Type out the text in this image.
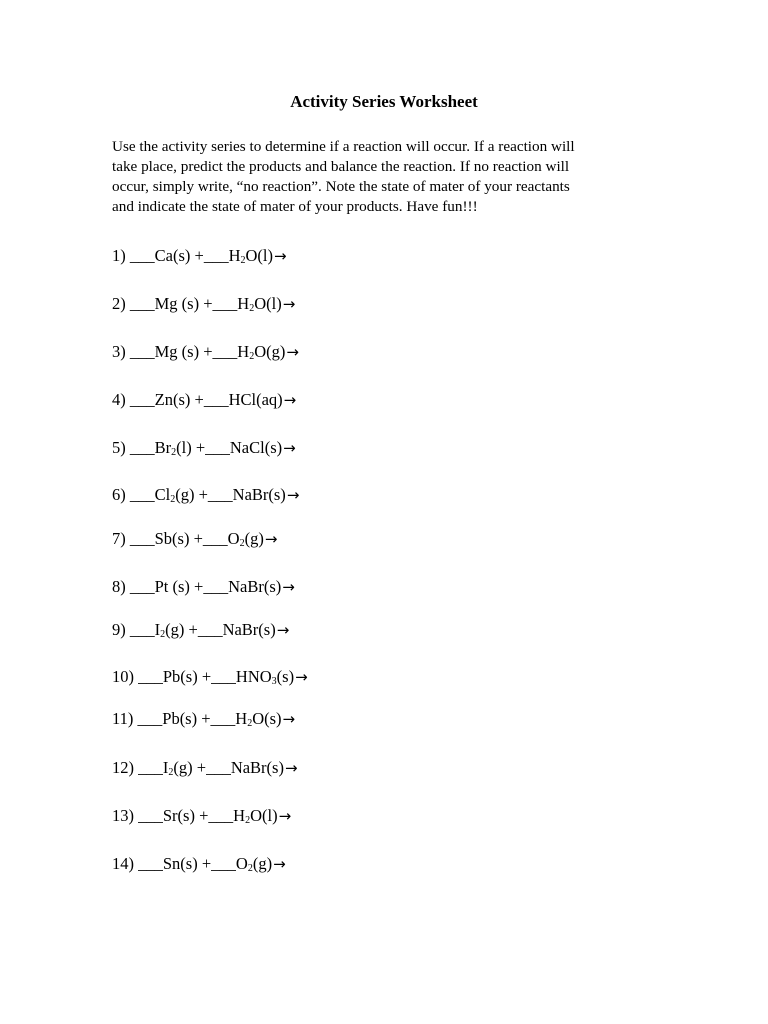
Activity Series Worksheet

Use the activity series to determine if a reaction will occur. If a reaction will
take place, predict the products and balance the reaction. If no reaction will
occur, simply write, “no reaction”. Note the state of mater of your reactants
and indicate the state of mater of your products. Have fun!!!

1) ___Ca(s) $+\_\_\_H_2O(l)\to$
2) ___Mg $(s) +\_\_\_H_2O(l)\to$
3) ___Mg $(s) +\_\_\_H_2O(g)\to$
4) ___Zn(s) +___HCl(aq)→
5) $\_\_\_Br_2(l)$ +___NaCl(s)→
6) $\_\_\_Cl_2(g)$ +___NaBr(s)→
7) ___Sb(s) $+\_\_\_O_2(g)\to$
8) ___Pt (s) +___NaBr(s)→
9) $\_\_\_I_2(g)$ +___NaBr(s)→
10) ___Pb(s) $+\_\_\_HNO_3(s)\to$
11) ___Pb(s) $+\_\_\_H_2O(s)\to$
12) $\_\_\_I_2(g)$ +___NaBr(s)→
13) ___Sr(s) $+\_\_\_H_2O(l)\to$
14) ___Sn(s) $+\_\_\_O_2(g)\to$
